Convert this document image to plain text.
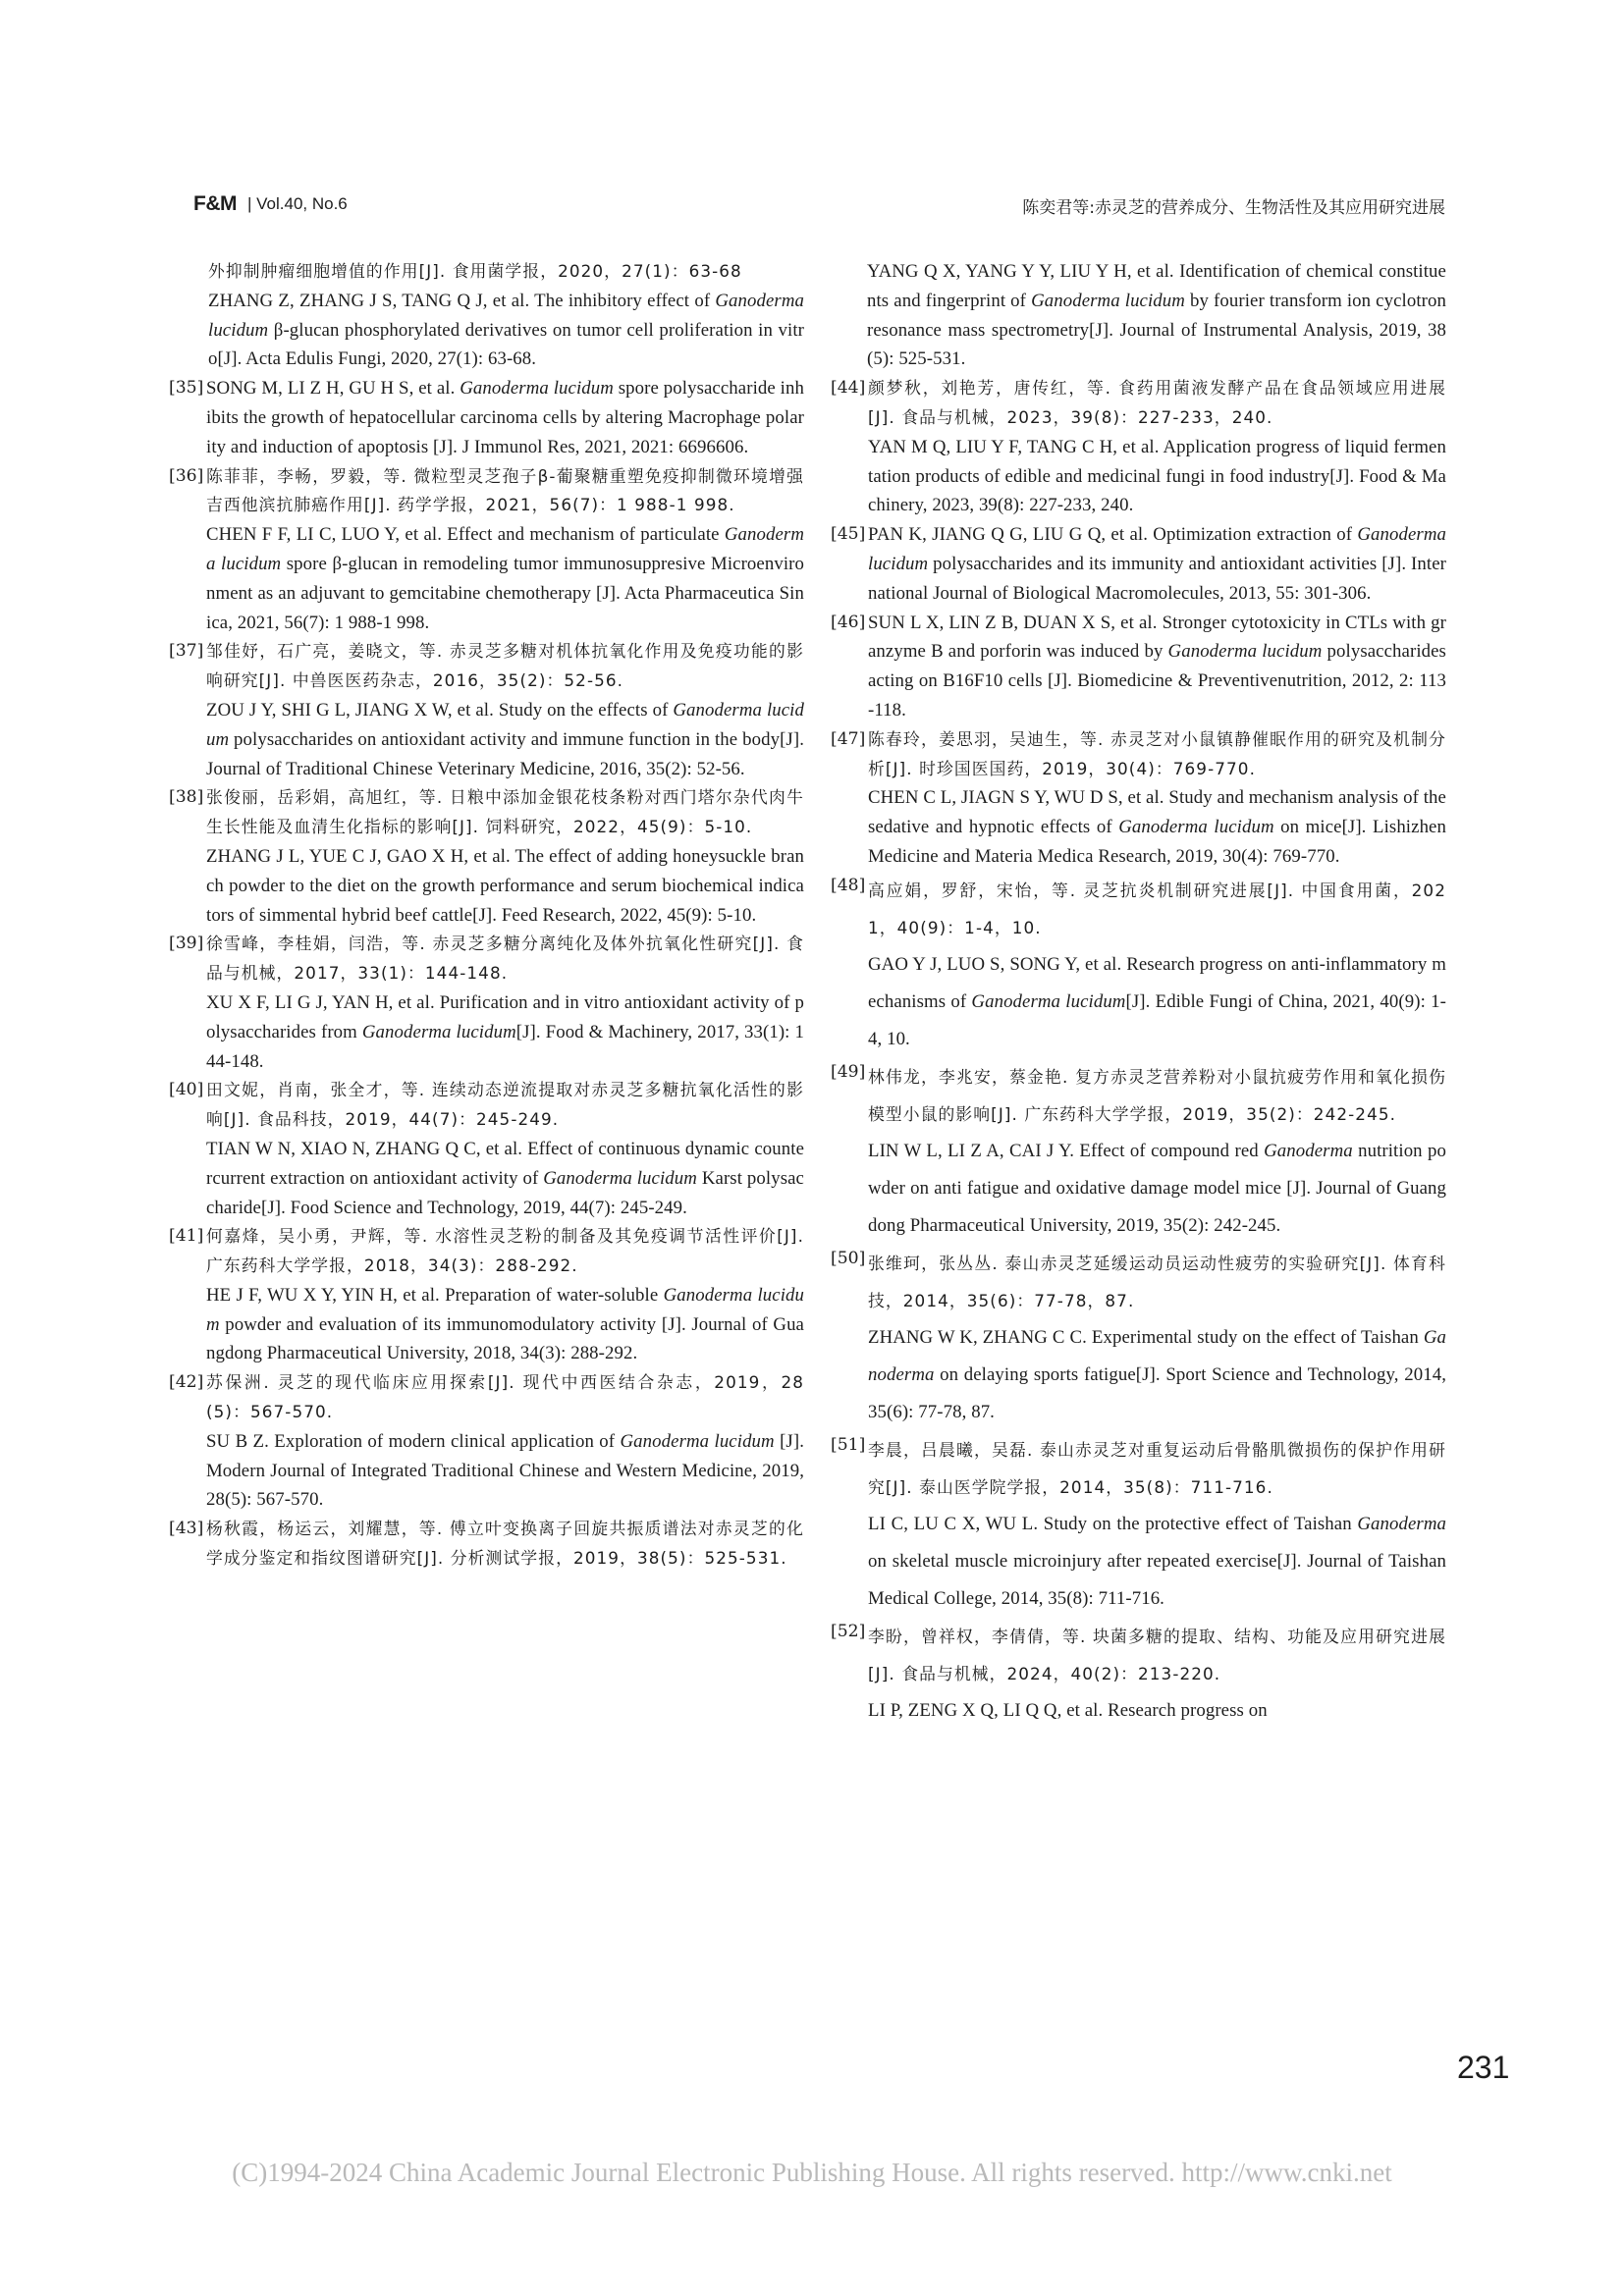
F&M | Vol.40, No.6	陈奕君等:赤灵芝的营养成分、生物活性及其应用研究进展

外抑制肿瘤细胞增值的作用[J]. 食用菌学报，2020，27(1)：63-68

ZHANG Z, ZHANG J S, TANG Q J, et al. The inhibitory effect of Ganoderma lucidum β-glucan phosphorylated derivatives on tumor cell proliferation in vitro[J]. Acta Edulis Fungi, 2020, 27(1): 63-68.

[35] SONG M, LI Z H, GU H S, et al. Ganoderma lucidum spore polysaccharide inhibits the growth of hepatocellular carcinoma cells by altering Macrophage polarity and induction of apoptosis [J]. J Immunol Res, 2021, 2021: 6696606.

[36] 陈菲菲，李畅，罗毅，等. 微粒型灵芝孢子β-葡聚糖重塑免疫抑制微环境增强吉西他滨抗肺癌作用[J]. 药学学报，2021，56(7)：1 988-1 998.

CHEN F F, LI C, LUO Y, et al. Effect and mechanism of particulate Ganoderma lucidum spore β-glucan in remodeling tumor immunosuppresive Microenvironment as an adjuvant to gemcitabine chemotherapy [J]. Acta Pharmaceutica Sinica, 2021, 56(7): 1 988-1 998.

[37] 邹佳妤，石广亮，姜晓文，等. 赤灵芝多糖对机体抗氧化作用及免疫功能的影响研究[J]. 中兽医医药杂志，2016，35(2)：52-56.

ZOU J Y, SHI G L, JIANG X W, et al. Study on the effects of Ganoderma lucidum polysaccharides on antioxidant activity and immune function in the body[J]. Journal of Traditional Chinese Veterinary Medicine, 2016, 35(2): 52-56.

[38] 张俊丽，岳彩娟，高旭红，等. 日粮中添加金银花枝条粉对西门塔尔杂代肉牛生长性能及血清生化指标的影响[J]. 饲料研究，2022，45(9)：5-10.

ZHANG J L, YUE C J, GAO X H, et al. The effect of adding honeysuckle branch powder to the diet on the growth performance and serum biochemical indicators of simmental hybrid beef cattle[J]. Feed Research, 2022, 45(9): 5-10.

[39] 徐雪峰，李桂娟，闫浩，等. 赤灵芝多糖分离纯化及体外抗氧化性研究[J]. 食品与机械，2017，33(1)：144-148.

XU X F, LI G J, YAN H, et al. Purification and in vitro antioxidant activity of polysaccharides from Ganoderma lucidum[J]. Food & Machinery, 2017, 33(1): 144-148.

[40] 田文妮，肖南，张全才，等. 连续动态逆流提取对赤灵芝多糖抗氧化活性的影响[J]. 食品科技，2019，44(7)：245-249.

TIAN W N, XIAO N, ZHANG Q C, et al. Effect of continuous dynamic countercurrent extraction on antioxidant activity of Ganoderma lucidum Karst polysaccharide[J]. Food Science and Technology, 2019, 44(7): 245-249.

[41] 何嘉烽，吴小勇，尹辉，等. 水溶性灵芝粉的制备及其免疫调节活性评价[J]. 广东药科大学学报，2018，34(3)：288-292.

HE J F, WU X Y, YIN H, et al. Preparation of water-soluble Ganoderma lucidum powder and evaluation of its immunomodulatory activity [J]. Journal of Guangdong Pharmaceutical University, 2018, 34(3): 288-292.

[42] 苏保洲. 灵芝的现代临床应用探索[J]. 现代中西医结合杂志，2019，28(5)：567-570.

SU B Z. Exploration of modern clinical application of Ganoderma lucidum [J]. Modern Journal of Integrated Traditional Chinese and Western Medicine, 2019, 28(5): 567-570.

[43] 杨秋霞，杨运云，刘耀慧，等. 傅立叶变换离子回旋共振质谱法对赤灵芝的化学成分鉴定和指纹图谱研究[J]. 分析测试学报，2019，38(5)：525-531.

YANG Q X, YANG Y Y, LIU Y H, et al. Identification of chemical constituents and fingerprint of Ganoderma lucidum by fourier transform ion cyclotron resonance mass spectrometry[J]. Journal of Instrumental Analysis, 2019, 38(5): 525-531.

[44] 颜梦秋，刘艳芳，唐传红，等. 食药用菌液发酵产品在食品领域应用进展[J]. 食品与机械，2023，39(8)：227-233，240.

YAN M Q, LIU Y F, TANG C H, et al. Application progress of liquid fermentation products of edible and medicinal fungi in food industry[J]. Food & Machinery, 2023, 39(8): 227-233, 240.

[45] PAN K, JIANG Q G, LIU G Q, et al. Optimization extraction of Ganoderma lucidum polysaccharides and its immunity and antioxidant activities [J]. International Journal of Biological Macromolecules, 2013, 55: 301-306.

[46] SUN L X, LIN Z B, DUAN X S, et al. Stronger cytotoxicity in CTLs with granzyme B and porforin was induced by Ganoderma lucidum polysaccharides acting on B16F10 cells [J]. Biomedicine & Preventivenutrition, 2012, 2: 113-118.

[47] 陈春玲，姜思羽，吴迪生，等. 赤灵芝对小鼠镇静催眠作用的研究及机制分析[J]. 时珍国医国药，2019，30(4)：769-770.

CHEN C L, JIAGN S Y, WU D S, et al. Study and mechanism analysis of the sedative and hypnotic effects of Ganoderma lucidum on mice[J]. Lishizhen Medicine and Materia Medica Research, 2019, 30(4): 769-770.

[48] 高应娟，罗舒，宋怡，等. 灵芝抗炎机制研究进展[J]. 中国食用菌，2021，40(9)：1-4，10.

GAO Y J, LUO S, SONG Y, et al. Research progress on anti-inflammatory mechanisms of Ganoderma lucidum[J]. Edible Fungi of China, 2021, 40(9): 1-4, 10.

[49] 林伟龙，李兆安，蔡金艳. 复方赤灵芝营养粉对小鼠抗疲劳作用和氧化损伤模型小鼠的影响[J]. 广东药科大学学报，2019，35(2)：242-245.

LIN W L, LI Z A, CAI J Y. Effect of compound red Ganoderma nutrition powder on anti fatigue and oxidative damage model mice [J]. Journal of Guangdong Pharmaceutical University, 2019, 35(2): 242-245.

[50] 张维珂，张丛丛. 泰山赤灵芝延缓运动员运动性疲劳的实验研究[J]. 体育科技，2014，35(6)：77-78，87.

ZHANG W K, ZHANG C C. Experimental study on the effect of Taishan Ganoderma on delaying sports fatigue[J]. Sport Science and Technology, 2014, 35(6): 77-78, 87.

[51] 李晨，吕晨曦，吴磊. 泰山赤灵芝对重复运动后骨骼肌微损伤的保护作用研究[J]. 泰山医学院学报，2014，35(8)：711-716.

LI C, LU C X, WU L. Study on the protective effect of Taishan Ganoderma on skeletal muscle microinjury after repeated exercise[J]. Journal of Taishan Medical College, 2014, 35(8): 711-716.

[52] 李盼，曾祥权，李倩倩，等. 块菌多糖的提取、结构、功能及应用研究进展[J]. 食品与机械，2024，40(2)：213-220.

LI P, ZENG X Q, LI Q Q, et al. Research progress on

231
(C)1994-2024 China Academic Journal Electronic Publishing House. All rights reserved. http://www.cnki.net
